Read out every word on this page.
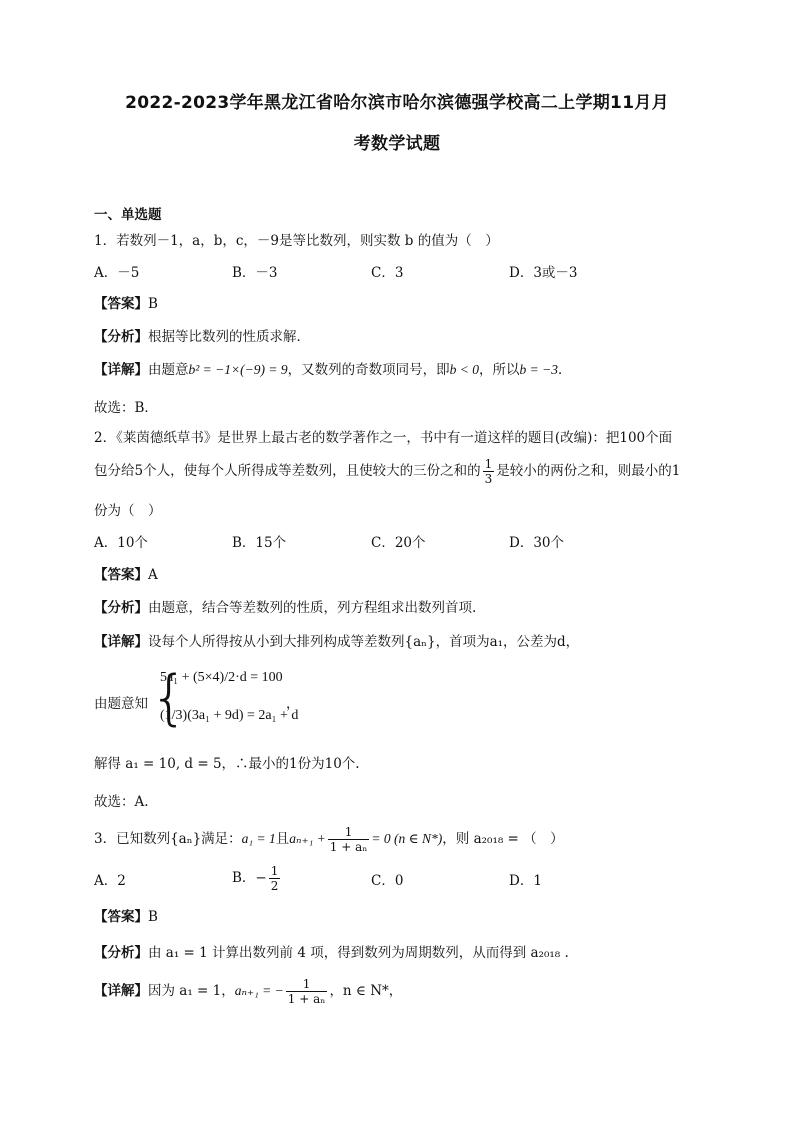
2022-2023学年黑龙江省哈尔滨市哈尔滨德强学校高二上学期11月月
考数学试题
一、单选题
1．若数列－1，a，b，c，－9是等比数列，则实数 b 的值为（　）
A．－5	B．－3	C．3	D．3或－3
【答案】B
【分析】根据等比数列的性质求解．
【详解】由题意b² = −1×(−9) = 9，又数列的奇数项同号，即b < 0，所以b = −3．
故选：B．
2．《莱茵德纸草书》是世界上最古老的数学著作之一，书中有一道这样的题目(改编)：把100个面
包分给5个人，使每个人所得成等差数列，且使较大的三份之和的 $\frac{1}{3}$ 是较小的两份之和，则最小的1
份为（　）
A．10个	B．15个	C．20个	D．30个
【答案】A
【分析】由题意，结合等差数列的性质，列方程组求出数列首项.
【详解】设每个人所得按从小到大排列构成等差数列{aₙ}，首项为a₁，公差为d，
由题意知 {
5a₁ + (5×4)/2·d = 100
(1/3)(3a₁ + 9d) = 2a₁ + d
，
解得 a₁ = 10, d = 5，∴最小的1份为10个.
故选：A.
3．已知数列{aₙ}满足：a₁ = 1且$a_{n+1} + \frac{1}{\text{1 + aₙ}} = 0$ (n ∈ N*)，则 a₂₀₁₈ = （　）
A．2	B．− $\frac{1}{2}$	C．0	D．1
【答案】B
【分析】由 a₁ = 1 计算出数列前 4 项，得到数列为周期数列，从而得到 a₂₀₁₈ .
【详解】因为 a₁ = 1，aₙ₊₁ = − $\frac{1}{\text{1 + aₙ}}$ ，n ∈ N*，
